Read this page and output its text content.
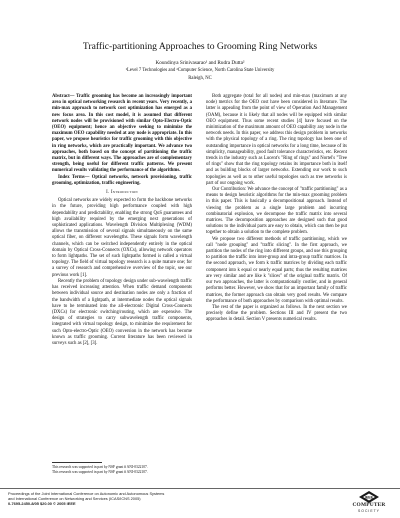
Traffic-partitioning Approaches to Grooming Ring Networks
Koundinya Srinivasarao¹ and Rudra Dutta²
¹Level 7 Technologies and ²Computer Science, North Carolina State University
Raleigh, NC

Abstract— Traffic grooming has become an increasingly important area in optical networking research in recent years. Very recently, a min-max approach to network cost optimization has emerged as a new focus area. In this cost model, it is assumed that different network nodes will be provisioned with similar Opto-Electro-Optic (OEO) equipment; hence an objective seeking to minimize the maximum OEO capability needed at any node is appropriate. In this paper, we propose heuristics for traffic grooming with this objective in ring networks, which are practically important. We advance two approaches, both based on the concept of partitioning the traffic matrix, but in different ways. The approaches are of complementary strength, being useful for different traffic patterns. We present numerical results validating the performance of the algorithms.

Index Terms— Optical networks, network provisioning, traffic grooming, optimization, traffic engineering.

I. Introduction

Optical networks are widely expected to form the backbone networks in the future, providing high performance coupled with high dependability and predictability, enabling the strong QoS guarantees and high availability required by the emerging next generations of sophisticated applications. Wavelength Division Multiplexing (WDM) allows the transmission of several signals simultaneously on the same optical fiber, on different wavelengths. These signals form wavelength channels, which can be switched independently entirely in the optical domain by Optical Cross-Connects (OXCs), allowing network operators to form lightpaths. The set of such lightpaths formed is called a virtual topology. The field of virtual topology research is a quite mature one; for a survey of research and comprehensive overview of the topic, see our previous work [1].

Recently the problem of topology design under sub-wavelength traffic has received increasing attention. When traffic demand components between individual source and destination nodes are only a fraction of the bandwidth of a lightpath, at intermediate nodes the optical signals have to be terminated into the all-electronic Digital Cross-Connects (DXCs) for electronic switching/routing, which are expensive. The design of strategies to carry subwavelength traffic components, integrated with virtual topology design, to minimize the requirement for such Opto-electro-Optic (OEO) conversion in the network has become known as traffic grooming. Current literature has been reviewed in surveys such as [2], [3].

This research was supported in part by NSF grant # ANI-0322107.
This research was supported in part by NSF grant # ANI-0322107.

Both aggregate (total for all nodes) and min-max (maximum at any node) metrics for the OEO cost have been considered in literature. The latter is appealing from the point of view of Operation And Management (OAM), because it is likely that all nodes will be equipped with similar OEO equipment. Thus some recent studies [4] have focused on the minimization of the maximum amount of OEO capability any node in the network needs. In this paper, we address this design problem in networks with the physical topology of a ring. The ring topology has been one of outstanding importance in optical networks for a long time, because of its simplicity, manageability, good fault tolerance characteristics, etc. Recent trends in the industry such as Lucent's "Ring of rings" and Nortel's "Tree of rings" show that the ring topology retains its importance both in itself and as building blocks of larger networks. Extending our work to such topologies as well as to other useful topologies such as tree networks is part of our ongoing work.

Our Contribution: We advance the concept of "traffic partitioning" as a means to design heuristic algorithms for the min-max grooming problem in this paper. This is basically a decompositional approach. Instead of viewing the problem as a single large problem and incurring combinatorial explosion, we decompose the traffic matrix into several matrices. The decomposition approaches are designed such that good solutions to the individual parts are easy to obtain, which can then be put together to obtain a solution to the complete problem.

We propose two different methods of traffic partitioning, which we call "node grouping" and "traffic slicing". In the first approach, we partition the nodes of the ring into different groups, and use this grouping to partition the traffic into inter-group and intra-group traffic matrices. In the second approach, we form k traffic matrices by dividing each traffic component into k equal or nearly equal parts; thus the resulting matrices are very similar and are like k "slices" of the original traffic matrix. Of our two approaches, the latter is computationally costlier, and in general performs better. However, we show that for an important family of traffic matrices, the former approach can obtain very good results. We compare the performance of both approaches by comparison with optimal results.

The rest of the paper is organized as follows. In the next section we precisely define the problem. Sections III and IV present the two approaches in detail. Section V presents numerical results.

Proceedings of the Joint International Conference on Autonomic and Autonomous Systems
and International Conference on Networking and Services (ICAS/ICNS 2005)
0-7695-2450-8/05 $20.00 © 2005 IEEE
IEEE
COMPUTER
SOCIETY
